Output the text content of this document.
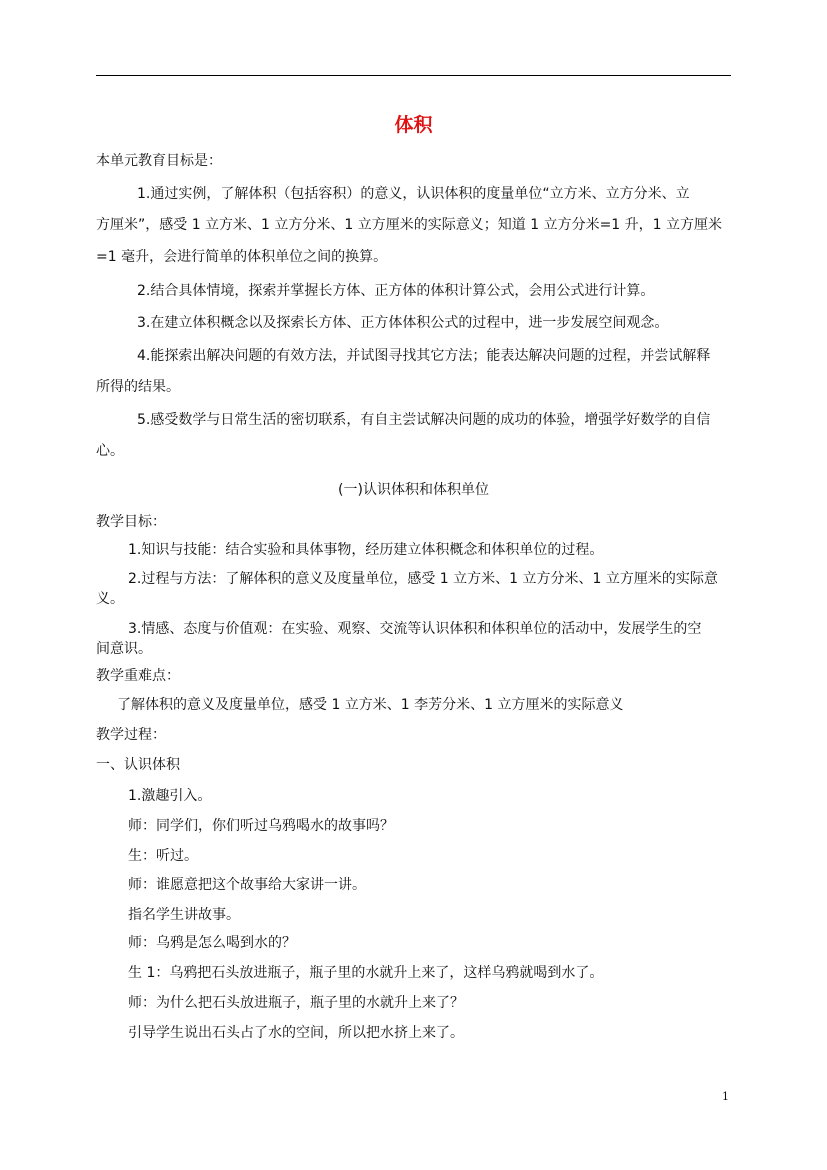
体积
本单元教育目标是：
1.通过实例，了解体积（包括容积）的意义，认识体积的度量单位“立方米、立方分米、立
方厘米”，感受 1 立方米、1 立方分米、1 立方厘米的实际意义；知道 1 立方分米=1 升，1 立方厘米
=1 毫升，会进行简单的体积单位之间的换算。
2.结合具体情境，探索并掌握长方体、正方体的体积计算公式，会用公式进行计算。
3.在建立体积概念以及探索长方体、正方体体积公式的过程中，进一步发展空间观念。
4.能探索出解决问题的有效方法，并试图寻找其它方法；能表达解决问题的过程，并尝试解释
所得的结果。
5.感受数学与日常生活的密切联系，有自主尝试解决问题的成功的体验，增强学好数学的自信
心。
(一)认识体积和体积单位
教学目标：
1.知识与技能：结合实验和具体事物，经历建立体积概念和体积单位的过程。
2.过程与方法：了解体积的意义及度量单位，感受 1 立方米、1 立方分米、1 立方厘米的实际意
义。
3.情感、态度与价值观：在实验、观察、交流等认识体积和体积单位的活动中，发展学生的空
间意识。
教学重难点：
了解体积的意义及度量单位，感受 1 立方米、1 李芳分米、1 立方厘米的实际意义
教学过程：
一、认识体积
1.激趣引入。
师：同学们，你们听过乌鸦喝水的故事吗？
生：听过。
师：谁愿意把这个故事给大家讲一讲。
指名学生讲故事。
师：乌鸦是怎么喝到水的？
生 1：乌鸦把石头放进瓶子，瓶子里的水就升上来了，这样乌鸦就喝到水了。
师：为什么把石头放进瓶子，瓶子里的水就升上来了？
引导学生说出石头占了水的空间，所以把水挤上来了。
1
